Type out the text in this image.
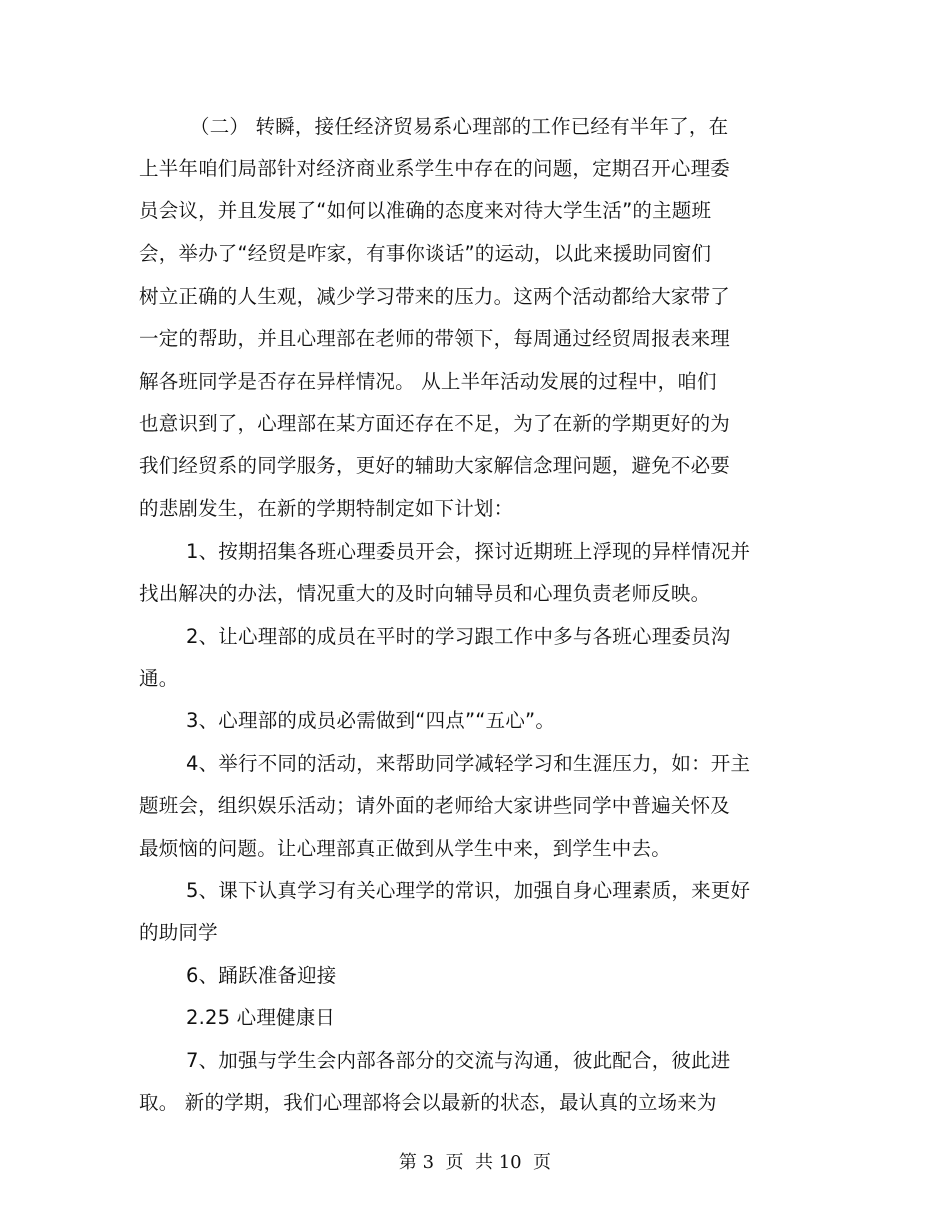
（二） 转瞬，接任经济贸易系心理部的工作已经有半年了，在
上半年咱们局部针对经济商业系学生中存在的问题，定期召开心理委
员会议，并且发展了“如何以准确的态度来对待大学生活”的主题班
会，举办了“经贸是咋家，有事你谈话”的运动，以此来援助同窗们
树立正确的人生观，减少学习带来的压力。这两个活动都给大家带了
一定的帮助，并且心理部在老师的带领下，每周通过经贸周报表来理
解各班同学是否存在异样情况。 从上半年活动发展的过程中，咱们
也意识到了，心理部在某方面还存在不足，为了在新的学期更好的为
我们经贸系的同学服务，更好的辅助大家解信念理问题，避免不必要
的悲剧发生，在新的学期特制定如下计划：
1、按期招集各班心理委员开会，探讨近期班上浮现的异样情况并
找出解决的办法，情况重大的及时向辅导员和心理负责老师反映。
2、让心理部的成员在平时的学习跟工作中多与各班心理委员沟
通。
3、心理部的成员必需做到“四点”“五心”。
4、举行不同的活动，来帮助同学减轻学习和生涯压力，如：开主
题班会，组织娱乐活动；请外面的老师给大家讲些同学中普遍关怀及
最烦恼的问题。让心理部真正做到从学生中来，到学生中去。
5、课下认真学习有关心理学的常识，加强自身心理素质，来更好
的助同学
6、踊跃准备迎接
2.25 心理健康日
7、加强与学生会内部各部分的交流与沟通，彼此配合，彼此进
取。 新的学期，我们心理部将会以最新的状态，最认真的立场来为
第 3  页  共 10  页
